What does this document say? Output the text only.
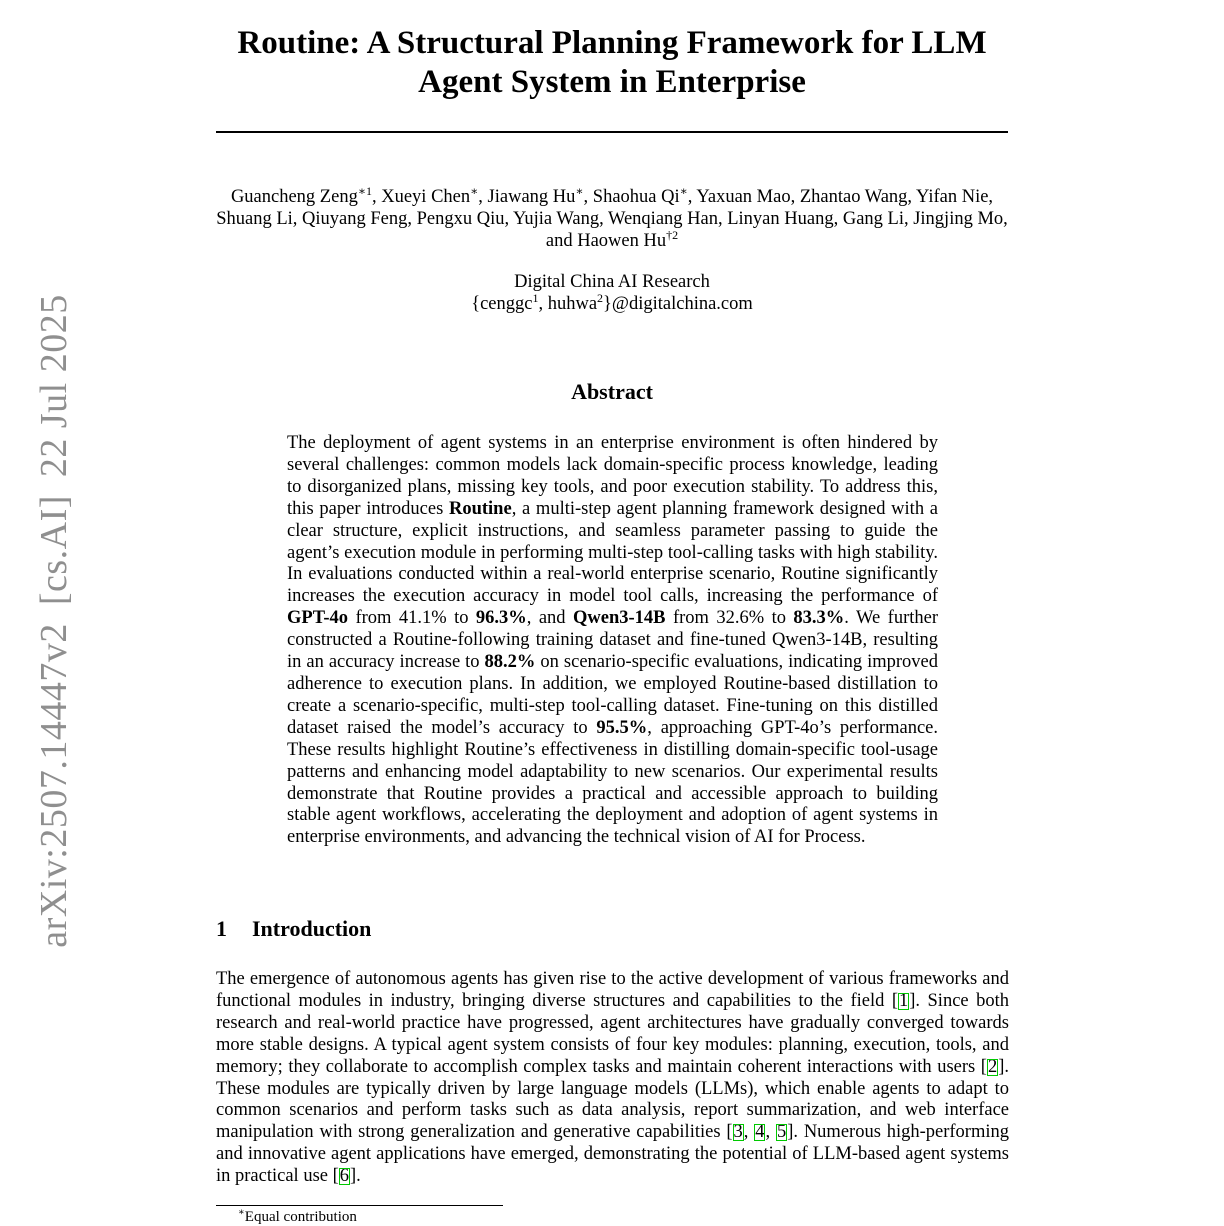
arXiv:2507.14447v2[cs.AI]22 Jul 2025
Routine: A Structural Planning Framework for LLM
Agent System in Enterprise
Guancheng Zeng$^{∗1}$, Xueyi Chen∗, Jiawang Hu∗, Shaohua Qi∗, Yaxuan Mao, Zhantao Wang, Yifan Nie, Shuang Li, Qiuyang Feng, Pengxu Qiu, Yujia Wang, Wenqiang Han, Linyan Huang, Gang Li, Jingjing Mo, and Haowen Hu$^{\dagger 2}$
Digital China AI Research
{cenggc$^1$, huhwa$^2$}@digitalchina.com
Abstract
The deployment of agent systems in an enterprise environment is often hindered by several challenges: common models lack domain-specific process knowledge, leading to disorganized plans, missing key tools, and poor execution stability. To address this, this paper introduces Routine, a multi-step agent planning framework designed with a clear structure, explicit instructions, and seamless parameter passing to guide the agent’s execution module in performing multi-step tool-calling tasks with high stability. In evaluations conducted within a real-world enterprise scenario, Routine significantly increases the execution accuracy in model tool calls, increasing the performance of GPT-4o from 41.1% to 96.3%, and Qwen3-14B from 32.6% to 83.3%. We further constructed a Routine-following training dataset and fine-tuned Qwen3-14B, resulting in an accuracy increase to 88.2% on scenario-specific evaluations, indicating improved adherence to execution plans. In addition, we employed Routine-based distillation to create a scenario-specific, multi-step tool-calling dataset. Fine-tuning on this distilled dataset raised the model’s accuracy to 95.5%, approaching GPT-4o’s performance. These results highlight Routine’s effectiveness in distilling domain-specific tool-usage patterns and enhancing model adaptability to new scenarios. Our experimental results demonstrate that Routine provides a practical and accessible approach to building stable agent workflows, accelerating the deployment and adoption of agent systems in enterprise environments, and advancing the technical vision of AI for Process.
1 Introduction
The emergence of autonomous agents has given rise to the active development of various frameworks and functional modules in industry, bringing diverse structures and capabilities to the field [1]. Since both research and real-world practice have progressed, agent architectures have gradually converged towards more stable designs. A typical agent system consists of four key modules: planning, execution, tools, and memory; they collaborate to accomplish complex tasks and maintain coherent interactions with users [2]. These modules are typically driven by large language models (LLMs), which enable agents to adapt to common scenarios and perform tasks such as data analysis, report summarization, and web interface manipulation with strong generalization and generative capabilities [3, 4, 5]. Numerous high-performing and innovative agent applications have emerged, demonstrating the potential of LLM-based agent systems in practical use [6].
∗Equal contribution
